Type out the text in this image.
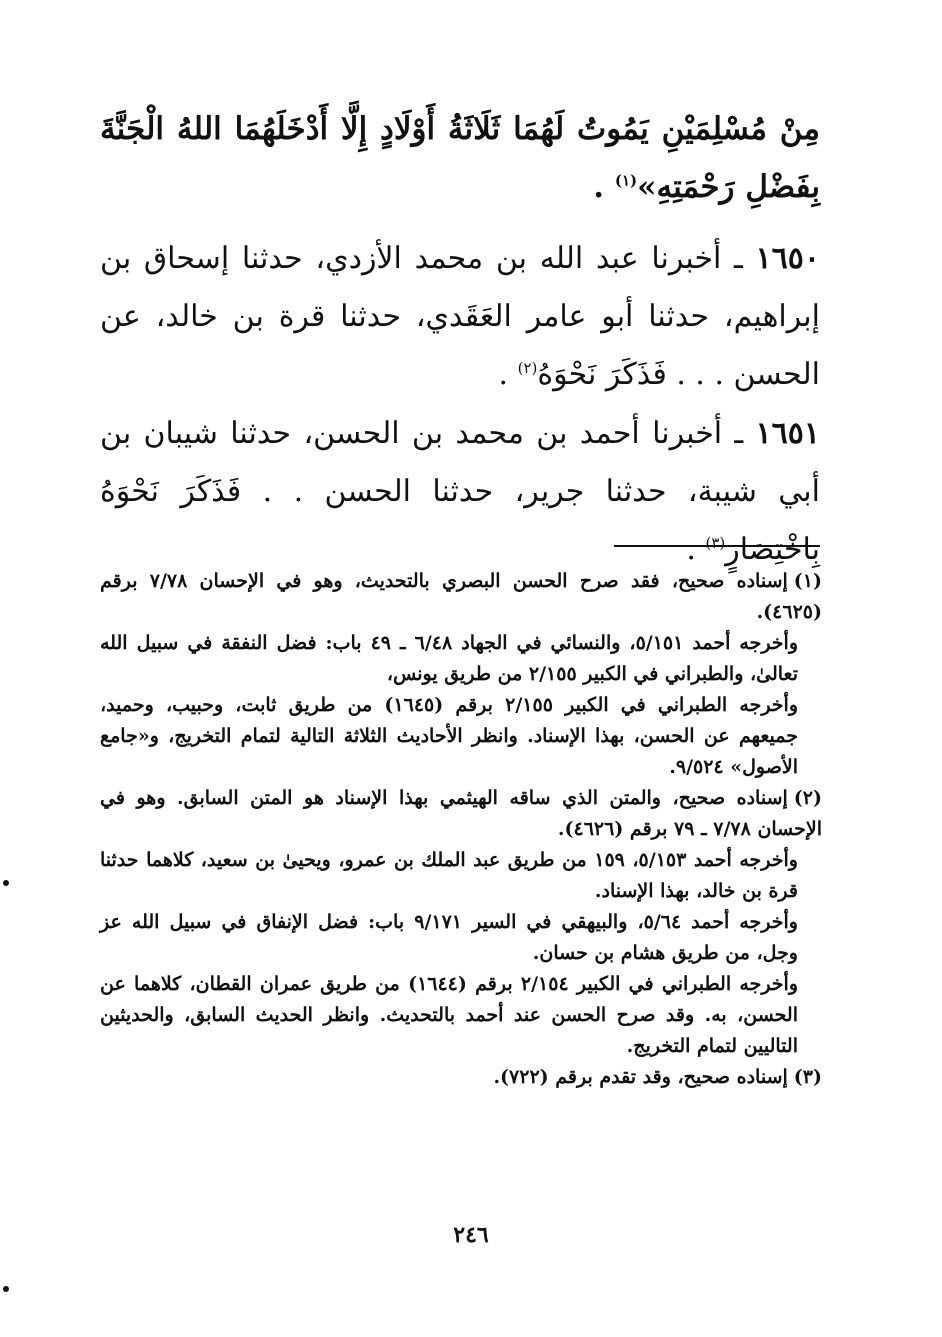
مِنْ مُسْلِمَيْنِ يَمُوتُ لَهُمَا ثَلَاثَةُ أَوْلَادٍ إِلَّا أَدْخَلَهُمَا اللهُ الْجَنَّةَ بِفَضْلِ رَحْمَتِهِ»$^{(١)}$ .
١٦٥٠ ـ أخبرنا عبد الله بن محمد الأزدي، حدثنا إسحاق بن إبراهيم، حدثنا أبو عامر العَقَدي، حدثنا قرة بن خالد، عن الحسن . . . فَذَكَرَ نَحْوَهُ$^{(٢)}$ .
١٦٥١ ـ أخبرنا أحمد بن محمد بن الحسن، حدثنا شيبان بن أبي شيبة، حدثنا جرير، حدثنا الحسن . . فَذَكَرَ نَحْوَهُ بِاخْتِصَارٍ$^{(٣)}$ .

(١)إسناده صحيح، فقد صرح الحسن البصري بالتحديث، وهو في الإحسان ٧/٧٨ برقم (٤٦٢٥).

وأخرجه أحمد ٥/١٥١، والنسائي في الجهاد ٦/٤٨ ـ ٤٩ باب: فضل النفقة في سبيل الله تعالىٰ، والطبراني في الكبير ٢/١٥٥ من طريق يونس،

وأخرجه الطبراني في الكبير ٢/١٥٥ برقم (١٦٤٥) من طريق ثابت، وحبيب، وحميد، جميعهم عن الحسن، بهذا الإسناد. وانظر الأحاديث الثلاثة التالية لتمام التخريج، و«جامع الأصول» ٩/٥٢٤.

(٢)إسناده صحيح، والمتن الذي ساقه الهيثمي بهذا الإسناد هو المتن السابق. وهو في الإحسان ٧/٧٨ ـ ٧٩ برقم (٤٦٢٦).

وأخرجه أحمد ٥/١٥٣، ١٥٩ من طريق عبد الملك بن عمرو، ويحيىٰ بن سعيد، كلاهما حدثنا قرة بن خالد، بهذا الإسناد.

وأخرجه أحمد ٥/٦٤، والبيهقي في السير ٩/١٧١ باب: فضل الإنفاق في سبيل الله عز وجل، من طريق هشام بن حسان.

وأخرجه الطبراني في الكبير ٢/١٥٤ برقم (١٦٤٤) من طريق عمران القطان، كلاهما عن الحسن، به. وقد صرح الحسن عند أحمد بالتحديث. وانظر الحديث السابق، والحديثين التاليين لتمام التخريج.

(٣)إسناده صحيح، وقد تقدم برقم (٧٢٢).

٢٤٦
